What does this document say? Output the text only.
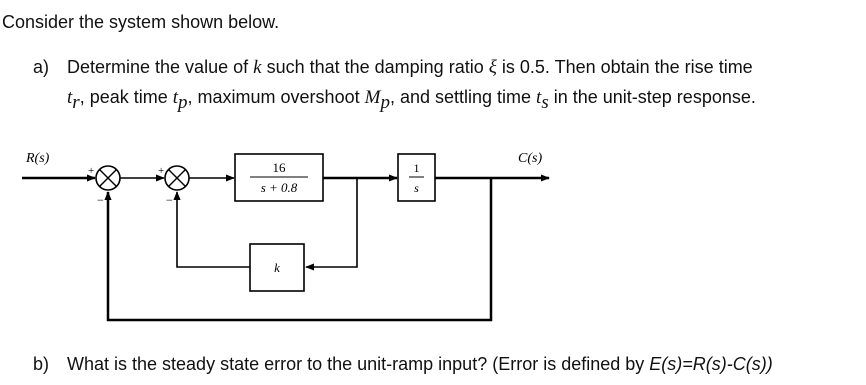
Consider the system shown below.
a) Determine the value of k such that the damping ratio ξ is 0.5. Then obtain the rise time
$t_r$, peak time $t_p$, maximum overshoot $M_p$, and settling time $t_s$ in the unit-step response.
R(s)	C(s)
+
−
+
−
16
s + 0.8
1
s
k
b) What is the steady state error to the unit-ramp input? (Error is defined by E(s)=R(s)-C(s))
